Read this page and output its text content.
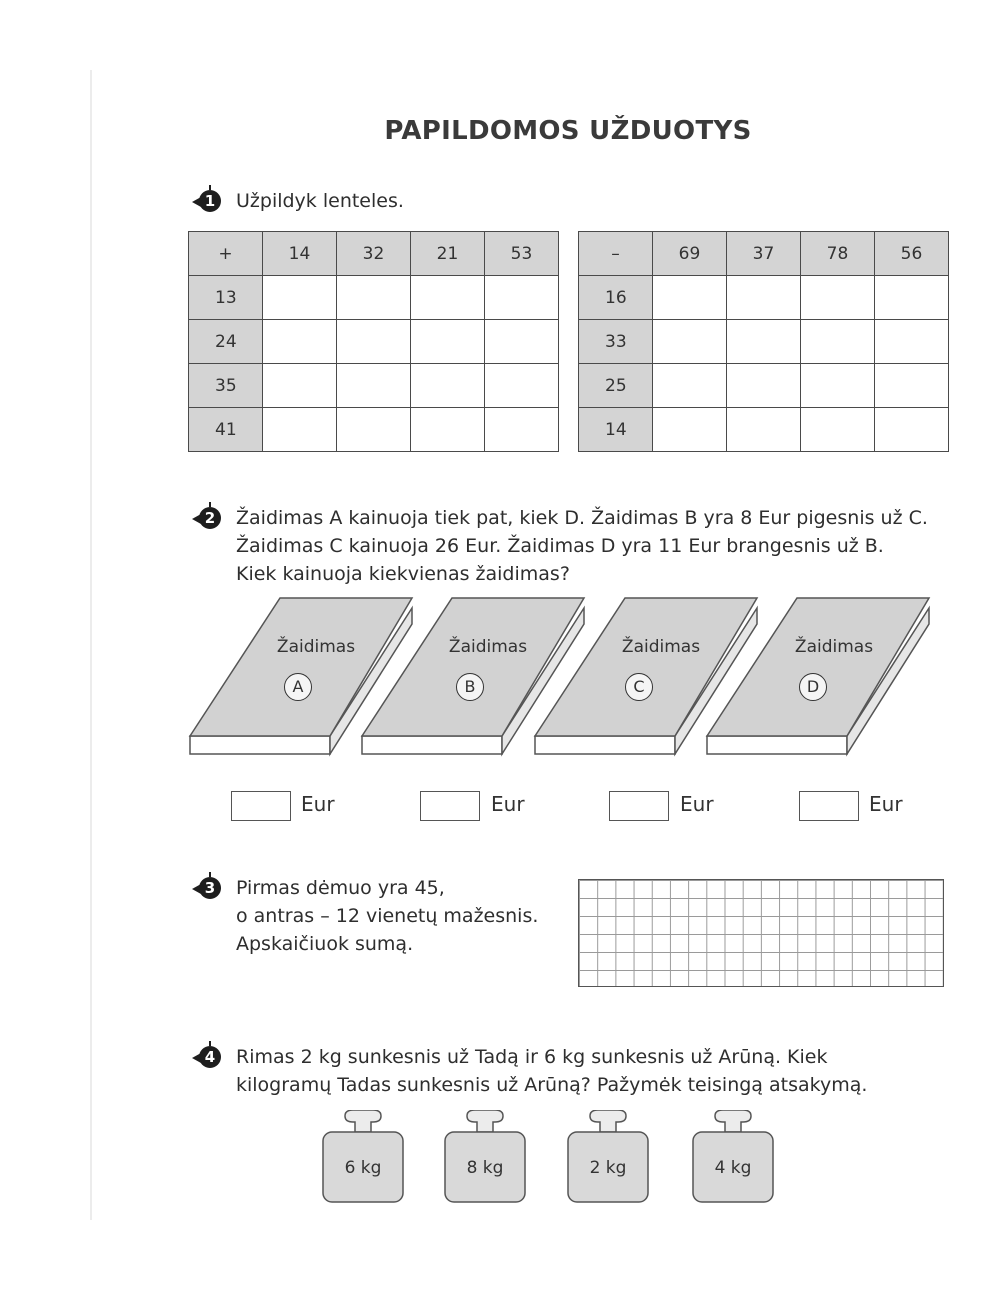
PAPILDOMOS UŽDUOTYS
1	Užpildyk lenteles.
+	14	32	21	53
13				
24				
35				
41				
–	69	37	78	56
16				
33				
25				
14				
2	Žaidimas A kainuoja tiek pat, kiek D. Žaidimas B yra 8 Eur pigesnis už C.
Žaidimas C kainuoja 26 Eur. Žaidimas D yra 11 Eur brangesnis už B.
Kiek kainuoja kiekvienas žaidimas?
Žaidimas
A
Žaidimas
B
Žaidimas
C
Žaidimas
D
Eur	Eur	Eur	Eur
3	Pirmas dėmuo yra 45,
o antras – 12 vienetų mažesnis.
Apskaičiuok sumą.
4	Rimas 2 kg sunkesnis už Tadą ir 6 kg sunkesnis už Arūną. Kiek
kilogramų Tadas sunkesnis už Arūną? Pažymėk teisingą atsakymą.
6 kg	8 kg	2 kg	4 kg
